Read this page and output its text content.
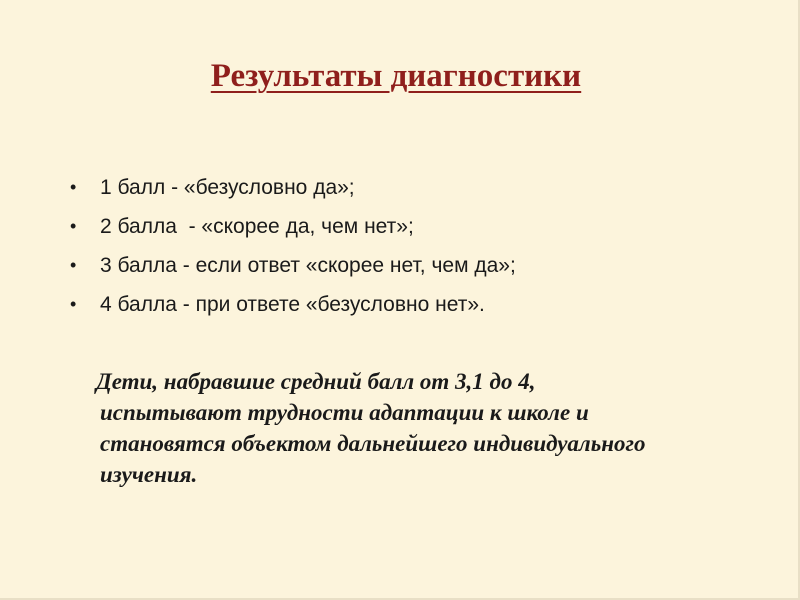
Результаты диагностики
• 1 балл - «безусловно да»;
• 2 балла  - «скорее да, чем нет»;
• 3 балла - если ответ «скорее нет, чем да»;
• 4 балла - при ответе «безусловно нет».

Дети, набравшие средний балл от 3,1 до 4,
испытывают трудности адаптации к школе и
становятся объектом дальнейшего индивидуального
изучения.
